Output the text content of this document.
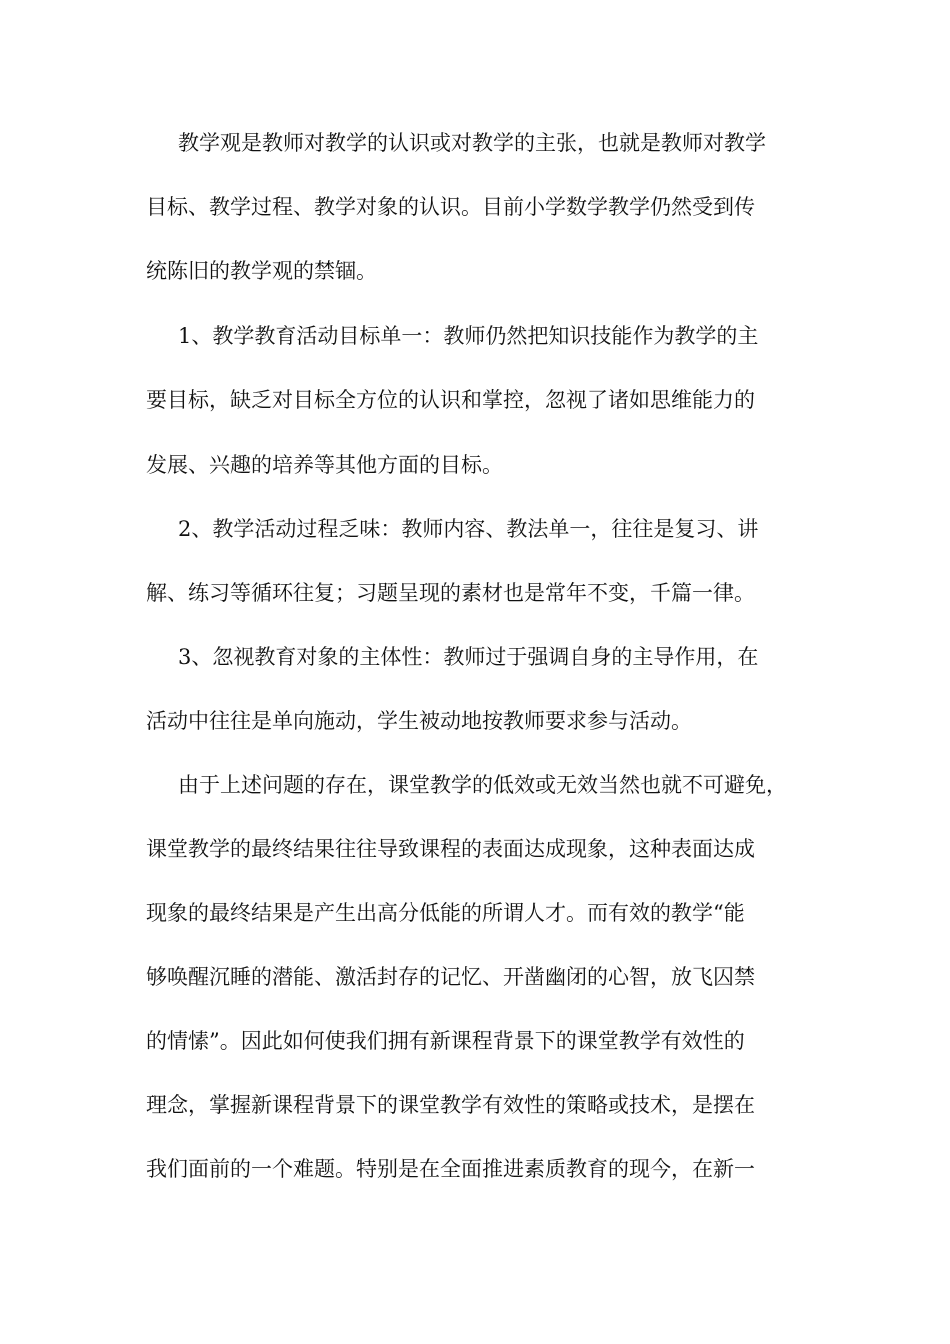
教学观是教师对教学的认识或对教学的主张，也就是教师对教学
目标、教学过程、教学对象的认识。目前小学数学教学仍然受到传
统陈旧的教学观的禁锢。
1、教学教育活动目标单一：教师仍然把知识技能作为教学的主
要目标，缺乏对目标全方位的认识和掌控，忽视了诸如思维能力的
发展、兴趣的培养等其他方面的目标。
2、教学活动过程乏味：教师内容、教法单一，往往是复习、讲
解、练习等循环往复；习题呈现的素材也是常年不变，千篇一律。
3、忽视教育对象的主体性：教师过于强调自身的主导作用，在
活动中往往是单向施动，学生被动地按教师要求参与活动。
由于上述问题的存在，课堂教学的低效或无效当然也就不可避免，
课堂教学的最终结果往往导致课程的表面达成现象，这种表面达成
现象的最终结果是产生出高分低能的所谓人才。而有效的教学“能
够唤醒沉睡的潜能、激活封存的记忆、开凿幽闭的心智，放飞囚禁
的情愫”。因此如何使我们拥有新课程背景下的课堂教学有效性的
理念，掌握新课程背景下的课堂教学有效性的策略或技术，是摆在
我们面前的一个难题。特别是在全面推进素质教育的现今，在新一
